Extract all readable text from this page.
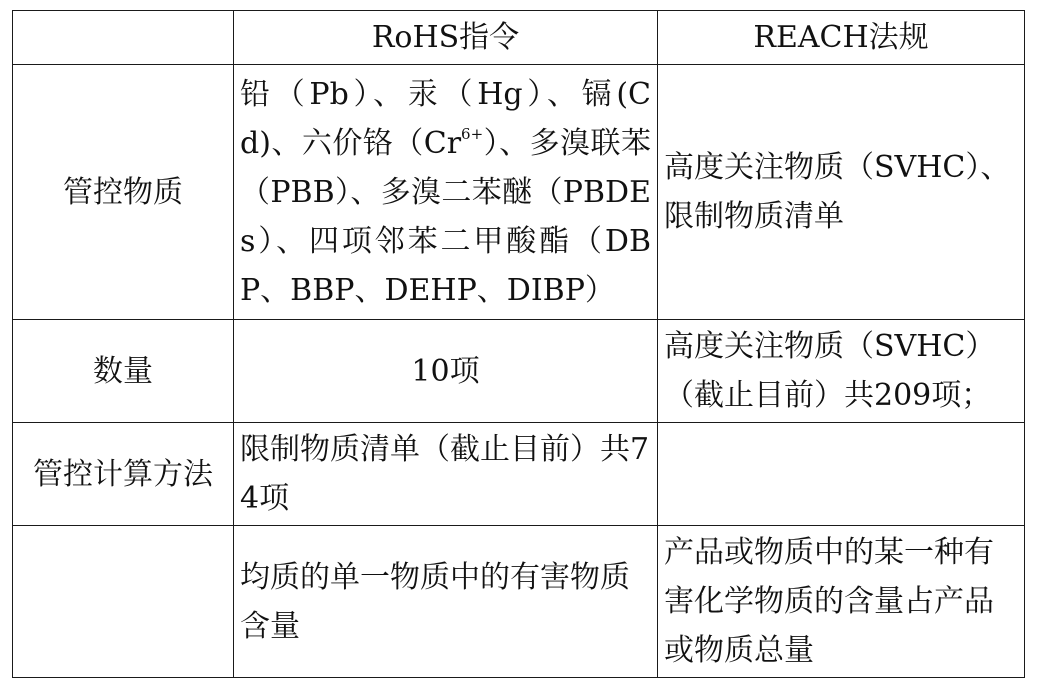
	RoHS指令	REACH法规
管控物质	铅（Pb）、汞（Hg）、镉(Cd)、六价铬$(Cr^{6+})$、多溴联苯（PBB）、多溴二苯醚（PBDEs）、四项邻苯二甲酸酯（DBP、BBP、DEHP、DIBP）	高度关注物质（SVHC）、限制物质清单
数量	10项	高度关注物质（SVHC）（截止目前）共209项；
管控计算方法	限制物质清单（截止目前）共74项	
	均质的单一物质中的有害物质含量	产品或物质中的某一种有害化学物质的含量占产品或物质总量
